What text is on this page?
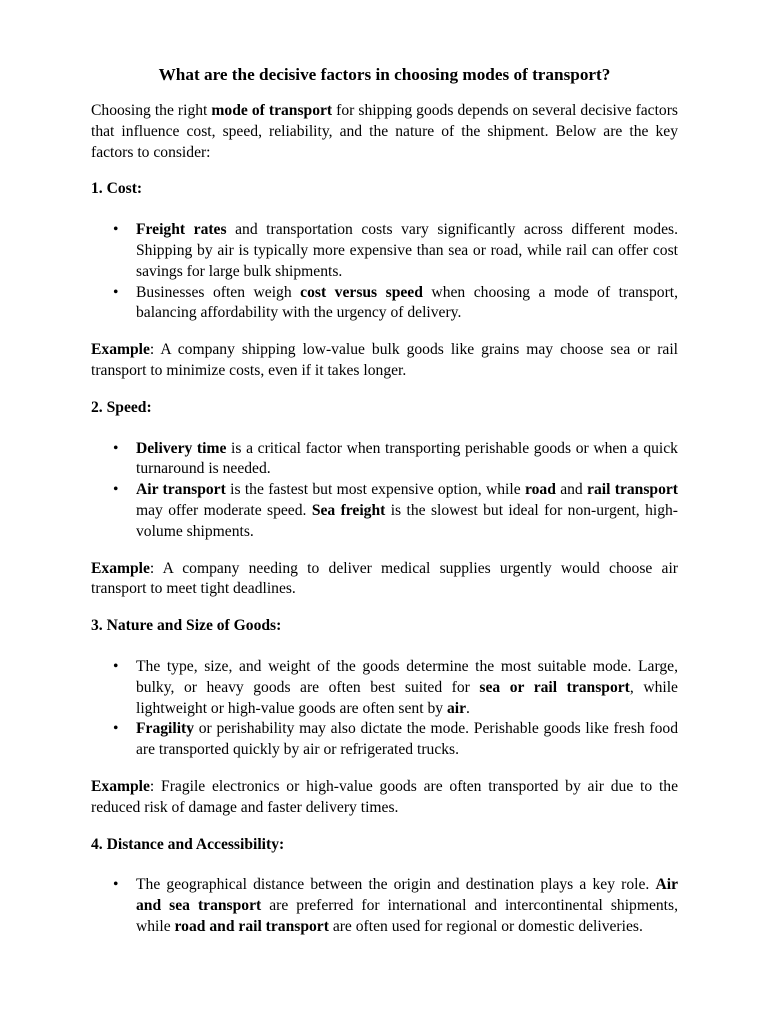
What are the decisive factors in choosing modes of transport?

Choosing the right mode of transport for shipping goods depends on several decisive factors that influence cost, speed, reliability, and the nature of the shipment. Below are the key factors to consider:

1. Cost:
• Freight rates and transportation costs vary significantly across different modes. Shipping by air is typically more expensive than sea or road, while rail can offer cost savings for large bulk shipments.
• Businesses often weigh cost versus speed when choosing a mode of transport, balancing affordability with the urgency of delivery.

Example: A company shipping low-value bulk goods like grains may choose sea or rail transport to minimize costs, even if it takes longer.

2. Speed:
• Delivery time is a critical factor when transporting perishable goods or when a quick turnaround is needed.
• Air transport is the fastest but most expensive option, while road and rail transport may offer moderate speed. Sea freight is the slowest but ideal for non-urgent, high-volume shipments.

Example: A company needing to deliver medical supplies urgently would choose air transport to meet tight deadlines.

3. Nature and Size of Goods:
• The type, size, and weight of the goods determine the most suitable mode. Large, bulky, or heavy goods are often best suited for sea or rail transport, while lightweight or high-value goods are often sent by air.
• Fragility or perishability may also dictate the mode. Perishable goods like fresh food are transported quickly by air or refrigerated trucks.

Example: Fragile electronics or high-value goods are often transported by air due to the reduced risk of damage and faster delivery times.

4. Distance and Accessibility:
• The geographical distance between the origin and destination plays a key role. Air and sea transport are preferred for international and intercontinental shipments, while road and rail transport are often used for regional or domestic deliveries.
